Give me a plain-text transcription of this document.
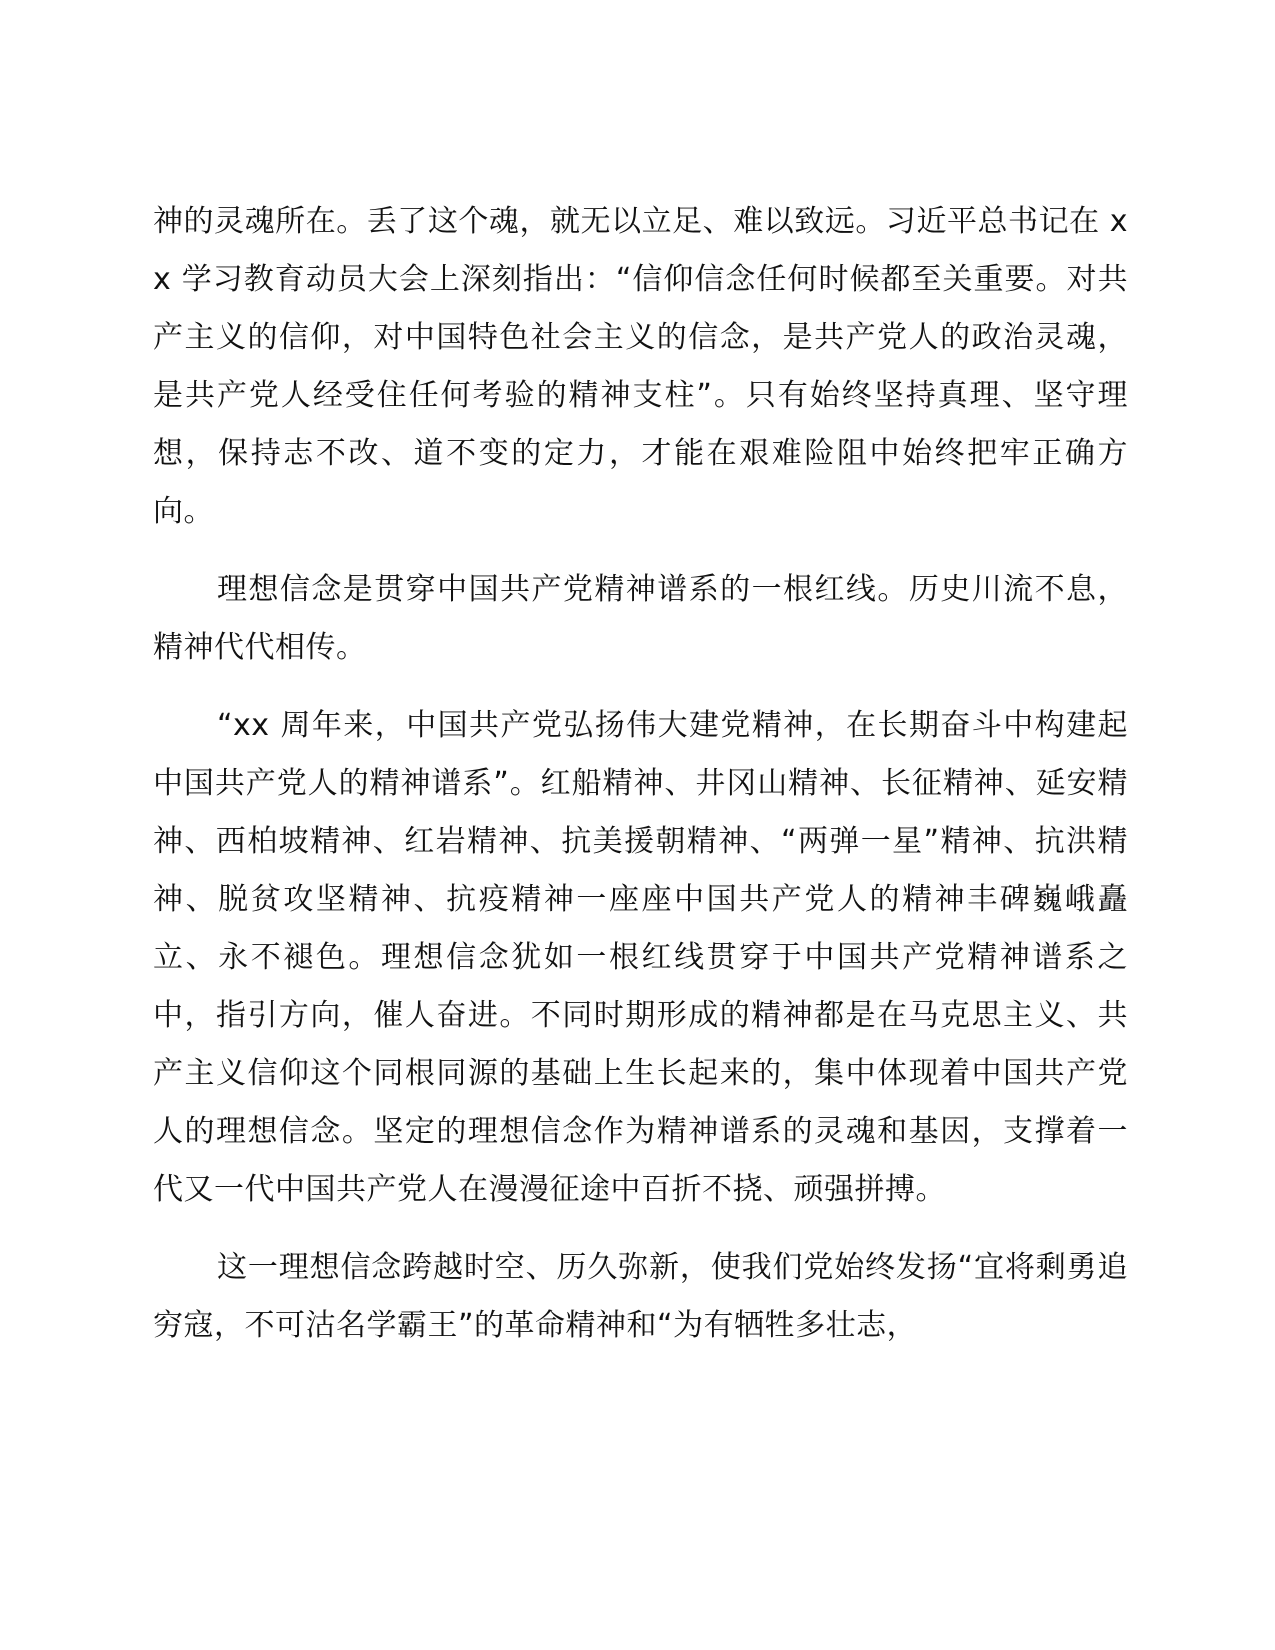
神的灵魂所在。丢了这个魂，就无以立足、难以致远。习近平总书记在 xx 学习教育动员大会上深刻指出：“信仰信念任何时候都至关重要。对共产主义的信仰，对中国特色社会主义的信念，是共产党人的政治灵魂，是共产党人经受住任何考验的精神支柱”。只有始终坚持真理、坚守理想，保持志不改、道不变的定力，才能在艰难险阻中始终把牢正确方向。

理想信念是贯穿中国共产党精神谱系的一根红线。历史川流不息，精神代代相传。

“xx 周年来，中国共产党弘扬伟大建党精神，在长期奋斗中构建起中国共产党人的精神谱系”。红船精神、井冈山精神、长征精神、延安精神、西柏坡精神、红岩精神、抗美援朝精神、“两弹一星”精神、抗洪精神、脱贫攻坚精神、抗疫精神一座座中国共产党人的精神丰碑巍峨矗立、永不褪色。理想信念犹如一根红线贯穿于中国共产党精神谱系之中，指引方向，催人奋进。不同时期形成的精神都是在马克思主义、共产主义信仰这个同根同源的基础上生长起来的，集中体现着中国共产党人的理想信念。坚定的理想信念作为精神谱系的灵魂和基因，支撑着一代又一代中国共产党人在漫漫征途中百折不挠、顽强拼搏。

这一理想信念跨越时空、历久弥新，使我们党始终发扬“宜将剩勇追穷寇，不可沽名学霸王”的革命精神和“为有牺牲多壮志，
